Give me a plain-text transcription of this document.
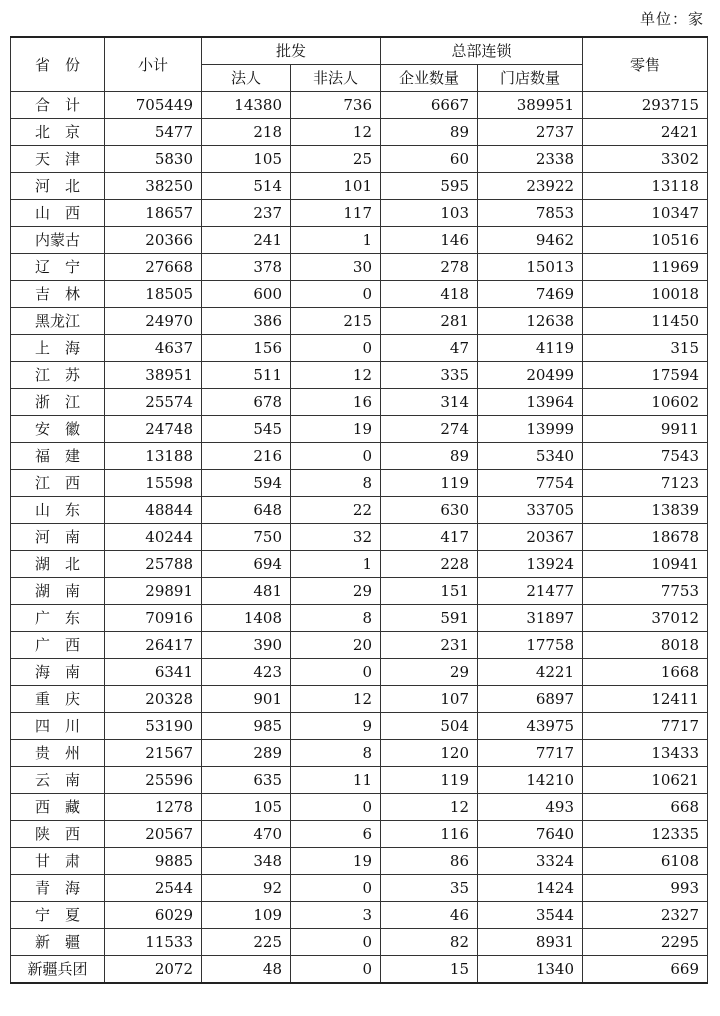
单位：家
省　份	小计	批发		总部连锁		零售
		法人	非法人	企业数量	门店数量	
合　计	705449	14380	736	6667	389951	293715
北　京	5477	218	12	89	2737	2421
天　津	5830	105	25	60	2338	3302
河　北	38250	514	101	595	23922	13118
山　西	18657	237	117	103	7853	10347
内蒙古	20366	241	1	146	9462	10516
辽　宁	27668	378	30	278	15013	11969
吉　林	18505	600	0	418	7469	10018
黑龙江	24970	386	215	281	12638	11450
上　海	4637	156	0	47	4119	315
江　苏	38951	511	12	335	20499	17594
浙　江	25574	678	16	314	13964	10602
安　徽	24748	545	19	274	13999	9911
福　建	13188	216	0	89	5340	7543
江　西	15598	594	8	119	7754	7123
山　东	48844	648	22	630	33705	13839
河　南	40244	750	32	417	20367	18678
湖　北	25788	694	1	228	13924	10941
湖　南	29891	481	29	151	21477	7753
广　东	70916	1408	8	591	31897	37012
广　西	26417	390	20	231	17758	8018
海　南	6341	423	0	29	4221	1668
重　庆	20328	901	12	107	6897	12411
四　川	53190	985	9	504	43975	7717
贵　州	21567	289	8	120	7717	13433
云　南	25596	635	11	119	14210	10621
西　藏	1278	105	0	12	493	668
陕　西	20567	470	6	116	7640	12335
甘　肃	9885	348	19	86	3324	6108
青　海	2544	92	0	35	1424	993
宁　夏	6029	109	3	46	3544	2327
新　疆	11533	225	0	82	8931	2295
新疆兵团	2072	48	0	15	1340	669
